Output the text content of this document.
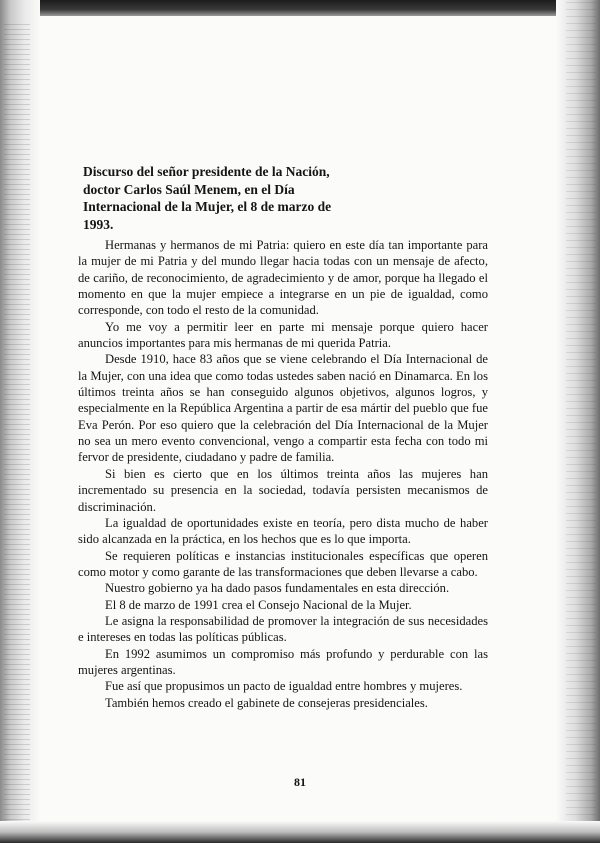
Discurso del señor presidente de la Nación, doctor Carlos Saúl Menem, en el Día Internacional de la Mujer, el 8 de marzo de 1993.

Hermanas y hermanos de mi Patria: quiero en este día tan importante para la mujer de mi Patria y del mundo llegar hacia todas con un mensaje de afecto, de cariño, de reconocimiento, de agradecimiento y de amor, porque ha llegado el momento en que la mujer empiece a integrarse en un pie de igualdad, como corresponde, con todo el resto de la comunidad.

Yo me voy a permitir leer en parte mi mensaje porque quiero hacer anuncios importantes para mis hermanas de mi querida Patria.

Desde 1910, hace 83 años que se viene celebrando el Día Internacional de la Mujer, con una idea que como todas ustedes saben nació en Dinamarca. En los últimos treinta años se han conseguido algunos objetivos, algunos logros, y especialmente en la República Argentina a partir de esa mártir del pueblo que fue Eva Perón. Por eso quiero que la celebración del Día Internacional de la Mujer no sea un mero evento convencional, vengo a compartir esta fecha con todo mi fervor de presidente, ciudadano y padre de familia.

Si bien es cierto que en los últimos treinta años las mujeres han incrementado su presencia en la sociedad, todavía persisten mecanismos de discriminación.

La igualdad de oportunidades existe en teoría, pero dista mucho de haber sido alcanzada en la práctica, en los hechos que es lo que importa.

Se requieren políticas e instancias institucionales específicas que operen como motor y como garante de las transformaciones que deben llevarse a cabo.

Nuestro gobierno ya ha dado pasos fundamentales en esta dirección.

El 8 de marzo de 1991 crea el Consejo Nacional de la Mujer.

Le asigna la responsabilidad de promover la integración de sus necesidades e intereses en todas las políticas públicas.

En 1992 asumimos un compromiso más profundo y perdurable con las mujeres argentinas.

Fue así que propusimos un pacto de igualdad entre hombres y mujeres.

También hemos creado el gabinete de consejeras presidenciales.

81
